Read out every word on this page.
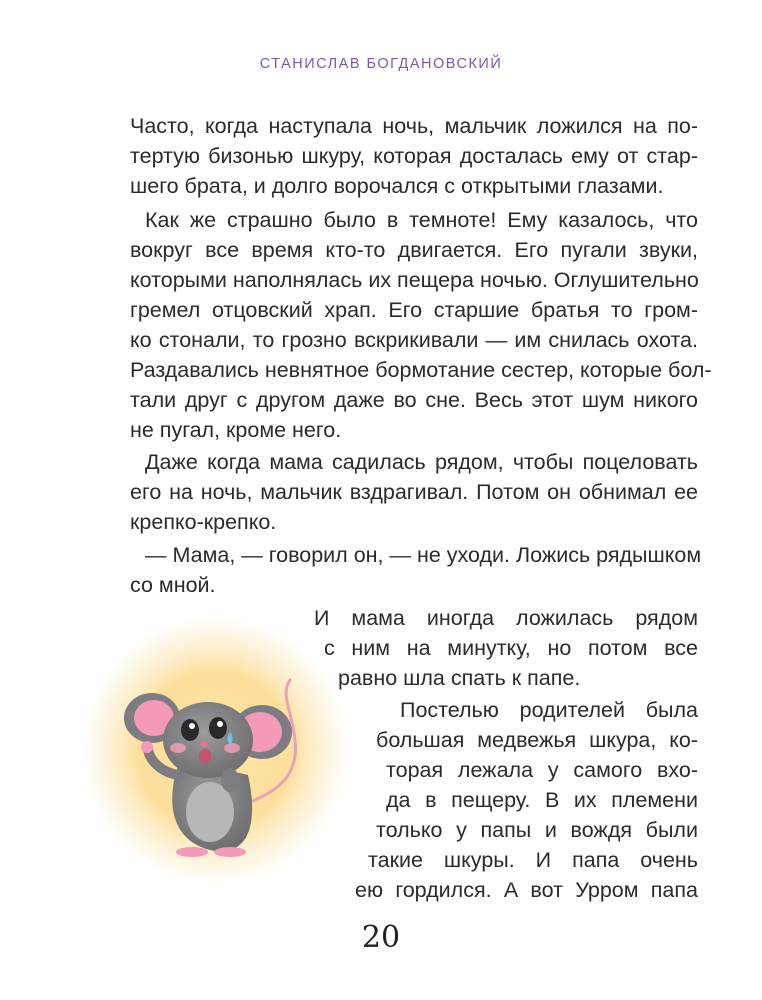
СТАНИСЛАВ БОГДАНОВСКИЙ
Часто, когда наступала ночь, мальчик ложился на по-
тертую бизонью шкуру, которая досталась ему от стар-
шего брата, и долго ворочался с открытыми глазами.
Как же страшно было в темноте! Ему казалось, что
вокруг все время кто-то двигается. Его пугали звуки,
которыми наполнялась их пещера ночью. Оглушительно
гремел отцовский храп. Его старшие братья то гром-
ко стонали, то грозно вскрикивали — им снилась охота.
Раздавались невнятное бормотание сестер, которые бол-
тали друг с другом даже во сне. Весь этот шум никого
не пугал, кроме него.
Даже когда мама садилась рядом, чтобы поцеловать
его на ночь, мальчик вздрагивал. Потом он обнимал ее
крепко-крепко.
— Мама, — говорил он, — не уходи. Ложись рядышком
со мной.
И мама иногда ложилась рядом
с ним на минутку, но потом все
равно шла спать к папе.
Постелью родителей была
большая медвежья шкура, ко-
торая лежала у самого вхо-
да в пещеру. В их племени
только у папы и вождя были
такие шкуры. И папа очень
ею гордился. А вот Урром папа
20
